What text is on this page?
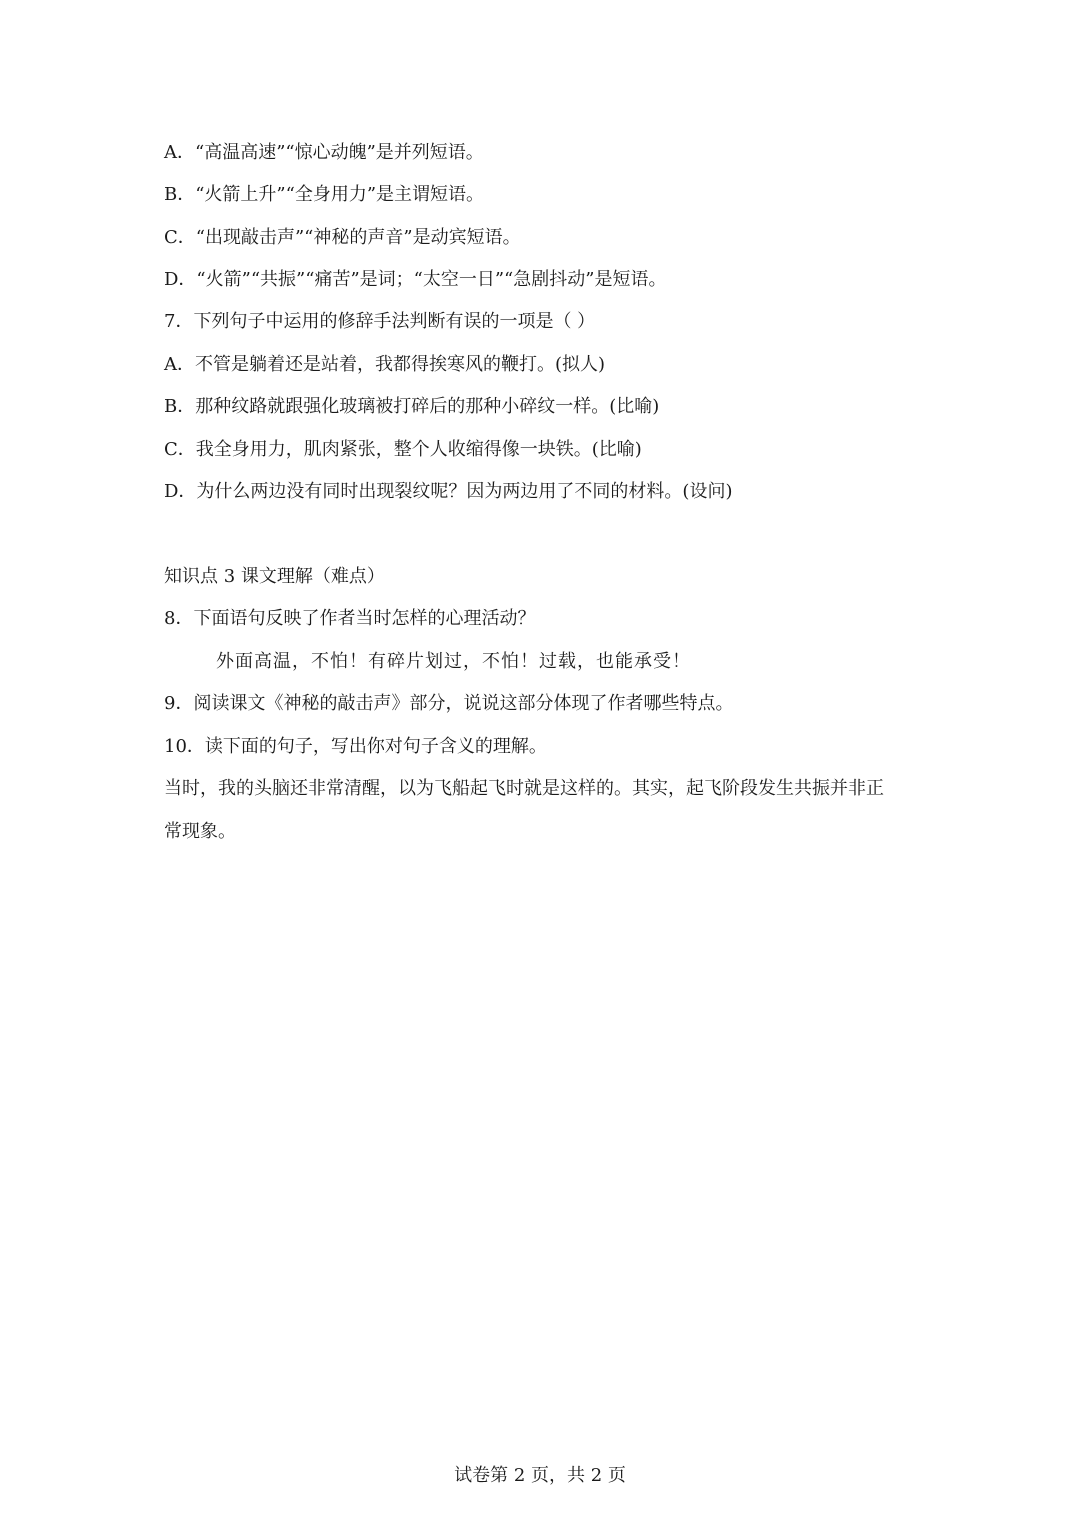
A．“高温高速”“惊心动魄”是并列短语。
B．“火箭上升”“全身用力”是主谓短语。
C．“出现敲击声”“神秘的声音”是动宾短语。
D．“火箭”“共振”“痛苦”是词；“太空一日”“急剧抖动”是短语。
7．下列句子中运用的修辞手法判断有误的一项是（ ）
A．不管是躺着还是站着，我都得挨寒风的鞭打。(拟人)
B．那种纹路就跟强化玻璃被打碎后的那种小碎纹一样。(比喻)
C．我全身用力，肌肉紧张，整个人收缩得像一块铁。(比喻)
D．为什么两边没有同时出现裂纹呢？因为两边用了不同的材料。(设问)
知识点 3 课文理解（难点）
8．下面语句反映了作者当时怎样的心理活动？
外面高温，不怕！有碎片划过，不怕！过载，也能承受！
9．阅读课文《神秘的敲击声》部分，说说这部分体现了作者哪些特点。
10．读下面的句子，写出你对句子含义的理解。
当时，我的头脑还非常清醒，以为飞船起飞时就是这样的。其实，起飞阶段发生共振并非正
常现象。
试卷第 2 页，共 2 页
